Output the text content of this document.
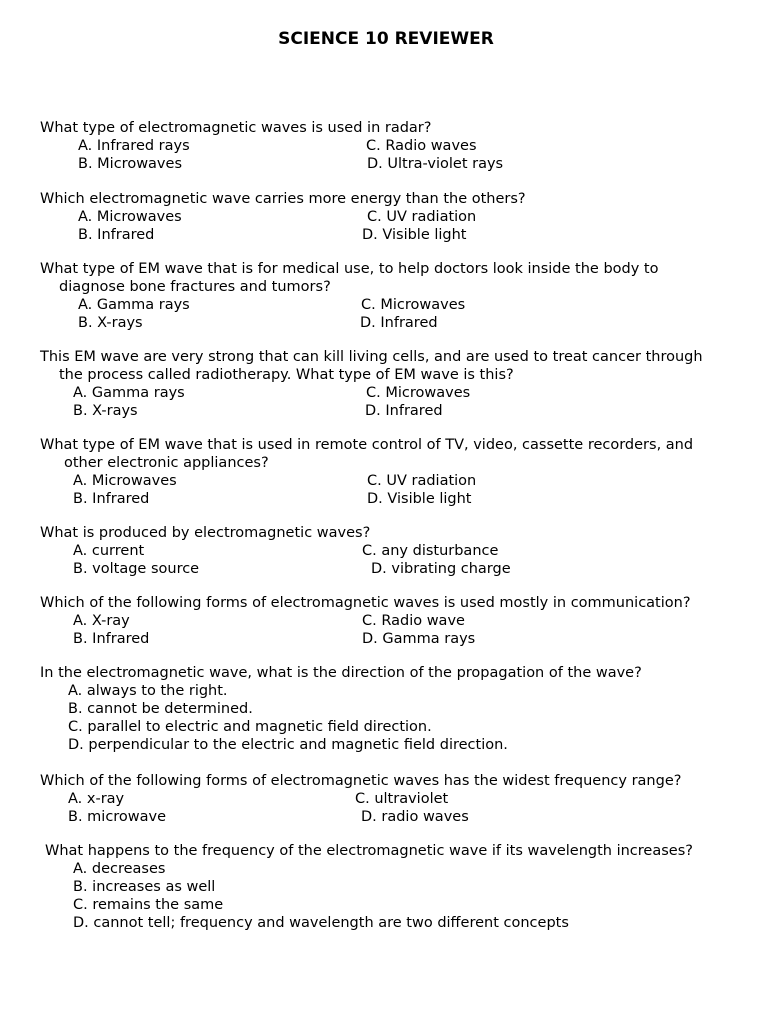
SCIENCE 10 REVIEWER
What type of electromagnetic waves is used in radar?
A. Infrared rays
B. Microwaves
C. Radio waves
D. Ultra-violet rays
Which electromagnetic wave carries more energy than the others?
A. Microwaves
B. Infrared
C. UV radiation
D. Visible light
What type of EM wave that is for medical use, to help doctors look inside the body to
diagnose bone fractures and tumors?
A. Gamma rays
B. X-rays
C. Microwaves
D. Infrared
This EM wave are very strong that can kill living cells, and are used to treat cancer through
the process called radiotherapy. What type of EM wave is this?
A. Gamma rays
B. X-rays
C. Microwaves
D. Infrared
What type of EM wave that is used in remote control of TV, video, cassette recorders, and
other electronic appliances?
A. Microwaves
B. Infrared
C. UV radiation
D. Visible light
What is produced by electromagnetic waves?
A. current
B. voltage source
C. any disturbance
D. vibrating charge
Which of the following forms of electromagnetic waves is used mostly in communication?
A. X-ray
B. Infrared
C. Radio wave
D. Gamma rays
In the electromagnetic wave, what is the direction of the propagation of the wave?
A. always to the right.
B. cannot be determined.
C. parallel to electric and magnetic field direction.
D. perpendicular to the electric and magnetic field direction.
Which of the following forms of electromagnetic waves has the widest frequency range?
A. x-ray
B. microwave
C. ultraviolet
D. radio waves
What happens to the frequency of the electromagnetic wave if its wavelength increases?
A. decreases
B. increases as well
C. remains the same
D. cannot tell; frequency and wavelength are two different concepts
